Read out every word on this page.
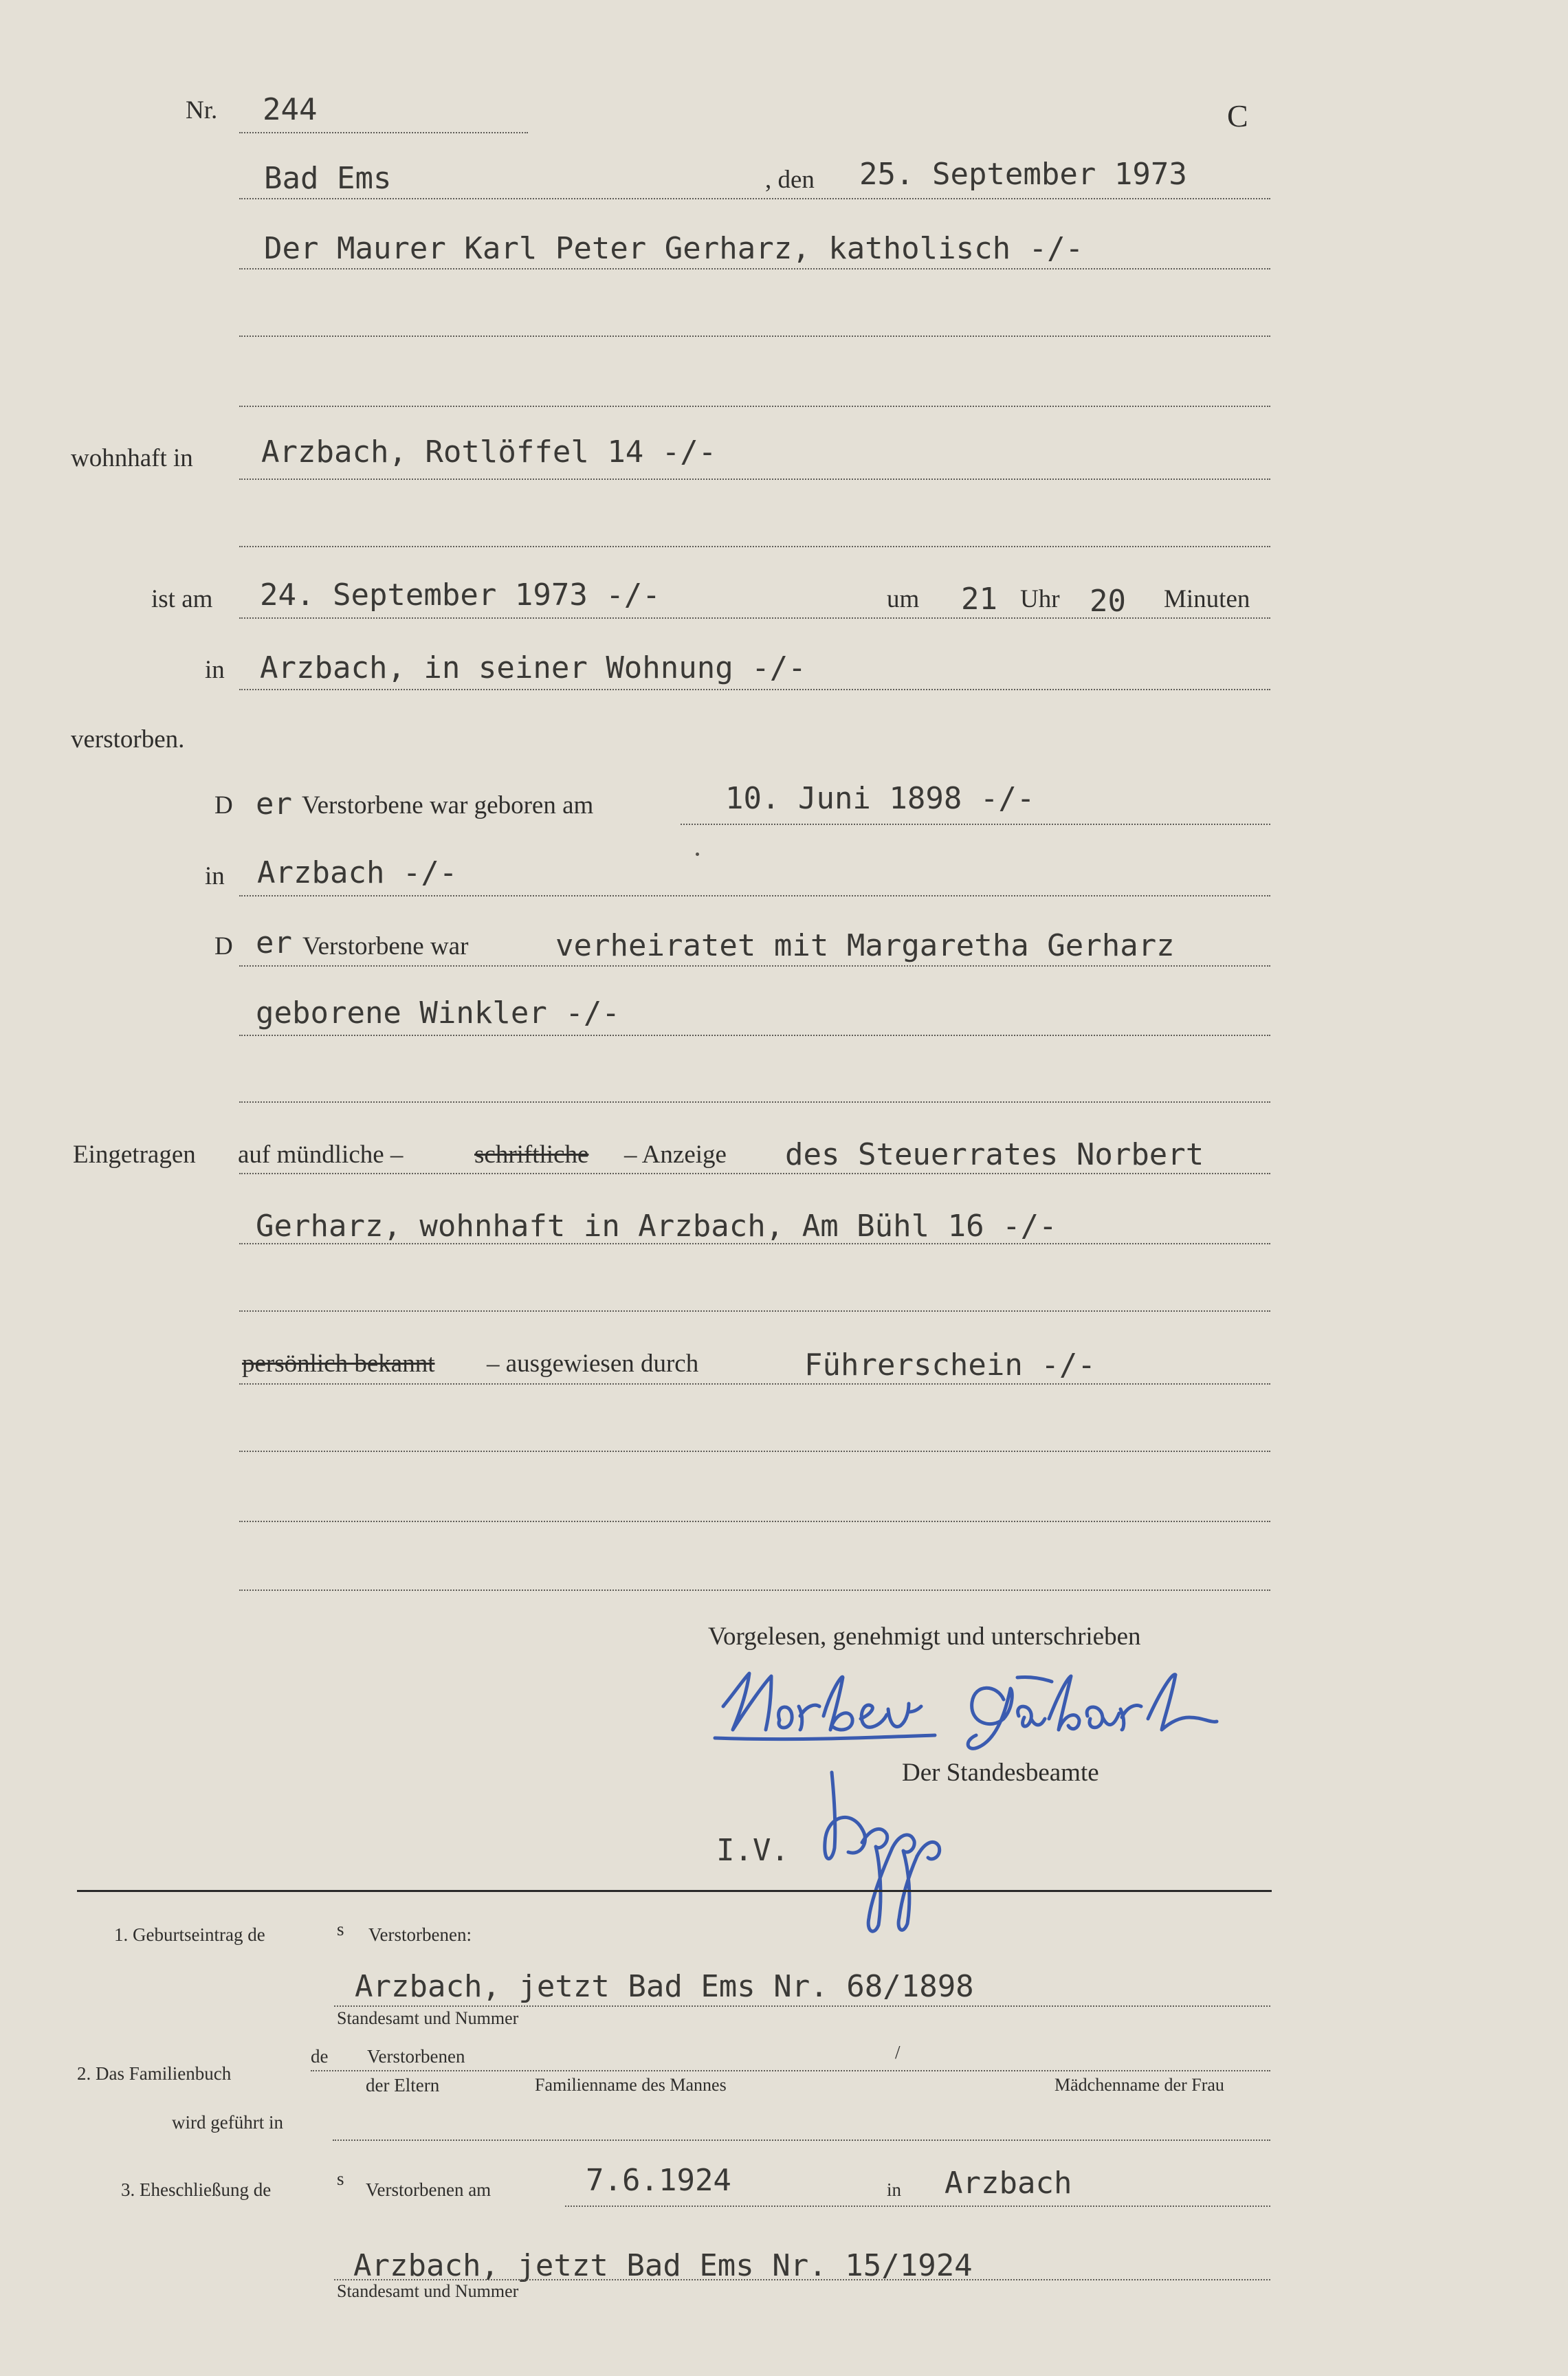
Nr. 244	C
Bad Ems	, den 25. September 1973
Der Maurer Karl Peter Gerharz, katholisch -/-
wohnhaft in Arzbach, Rotlöffel 14 -/-
ist am 24. September 1973 -/-	um 21 Uhr 20 Minuten
in Arzbach, in seiner Wohnung -/-
verstorben.
D er Verstorbene war geboren am	10. Juni 1898 -/-
in Arzbach -/-
D er Verstorbene war	verheiratet mit Margaretha Gerharz
geborene Winkler -/-
Eingetragen auf mündliche –	schriftliche – Anzeige des Steuerrates Norbert
Gerharz, wohnhaft in Arzbach, Am Bühl 16 -/-
persönlich bekannt – ausgewiesen durch	Führerschein -/-
Vorgelesen, genehmigt und unterschrieben
Der Standesbeamte
I.V.
1. Geburtseintrag de	s Verstorbenen:
Arzbach, jetzt Bad Ems Nr. 68/1898
Standesamt und Nummer
2. Das Familienbuch
de Verstorbenen	/
der Eltern	Familienname des Mannes	Mädchenname der Frau
wird geführt in
3. Eheschließung de
s
Verstorbenen am	7.6.1924	in Arzbach
Arzbach, jetzt Bad Ems Nr. 15/1924
Standesamt und Nummer
